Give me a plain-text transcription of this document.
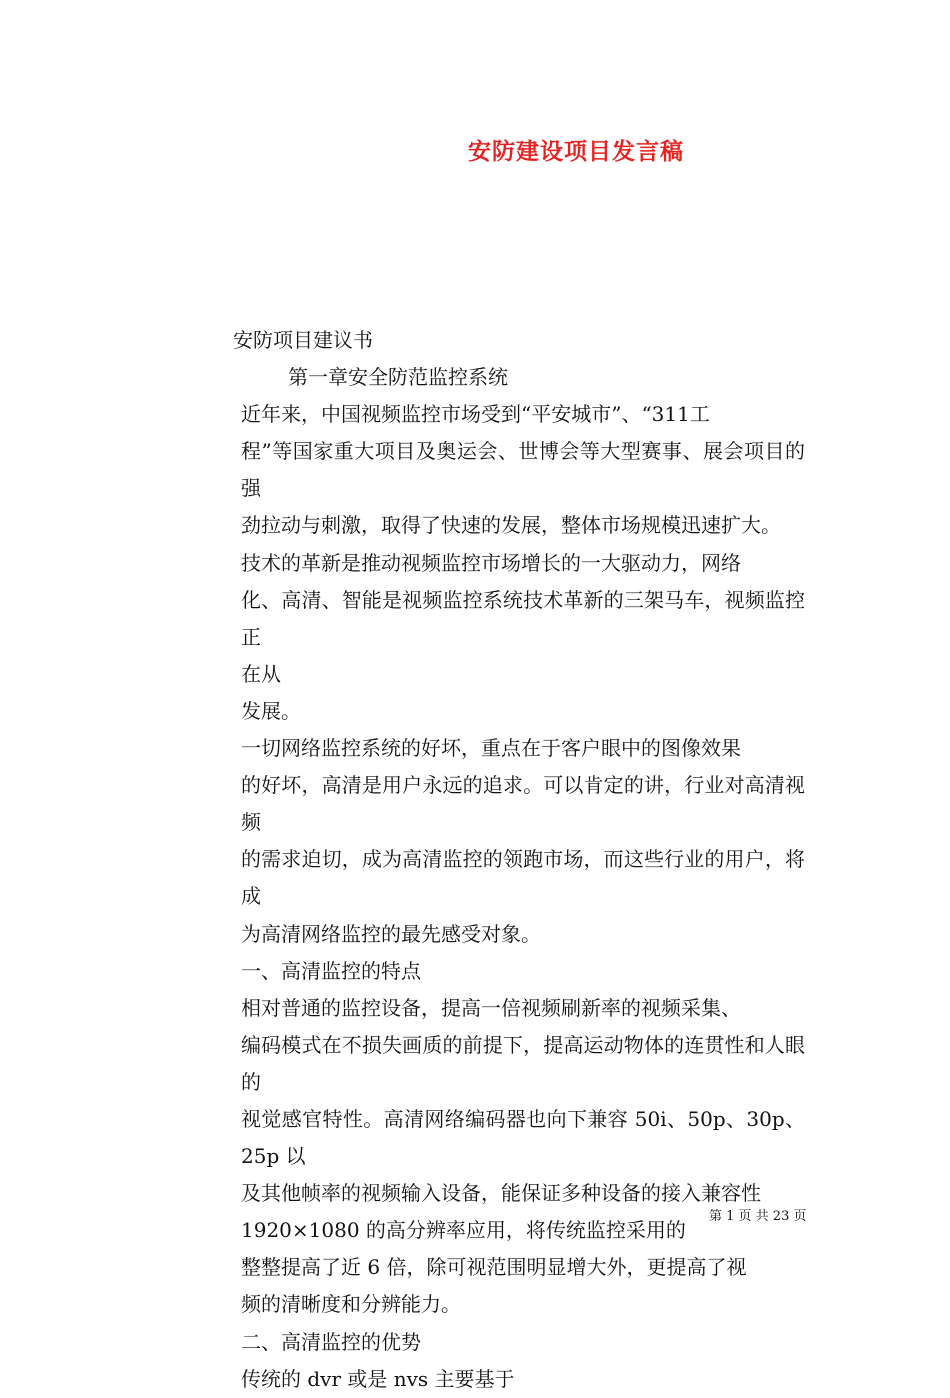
安防建设项目发言稿

安防项目建议书

第一章安全防范监控系统

近年来，中国视频监控市场受到“平安城市”、“311工
程”等国家重大项目及奥运会、世博会等大型赛事、展会项目的强
劲拉动与刺激，取得了快速的发展，整体市场规模迅速扩大。

技术的革新是推动视频监控市场增长的一大驱动力，网络
化、高清、智能是视频监控系统技术革新的三架马车，视频监控正
在从

发展。

一切网络监控系统的好坏，重点在于客户眼中的图像效果
的好坏，高清是用户永远的追求。可以肯定的讲，行业对高清视频
的需求迫切，成为高清监控的领跑市场，而这些行业的用户，将成
为高清网络监控的最先感受对象。

一、高清监控的特点

相对普通的监控设备，提高一倍视频刷新率的视频采集、
编码模式在不损失画质的前提下，提高运动物体的连贯性和人眼的
视觉感官特性。高清网络编码器也向下兼容 50i、50p、30p、25p 以
及其他帧率的视频输入设备，能保证多种设备的接入兼容性
1920×1080 的高分辨率应用，将传统监控采用的

整整提高了近 6 倍，除可视范围明显增大外，更提高了视
频的清晰度和分辨能力。

二、高清监控的优势

传统的 dvr 或是 nvs 主要基于

第 1 页 共 23 页
